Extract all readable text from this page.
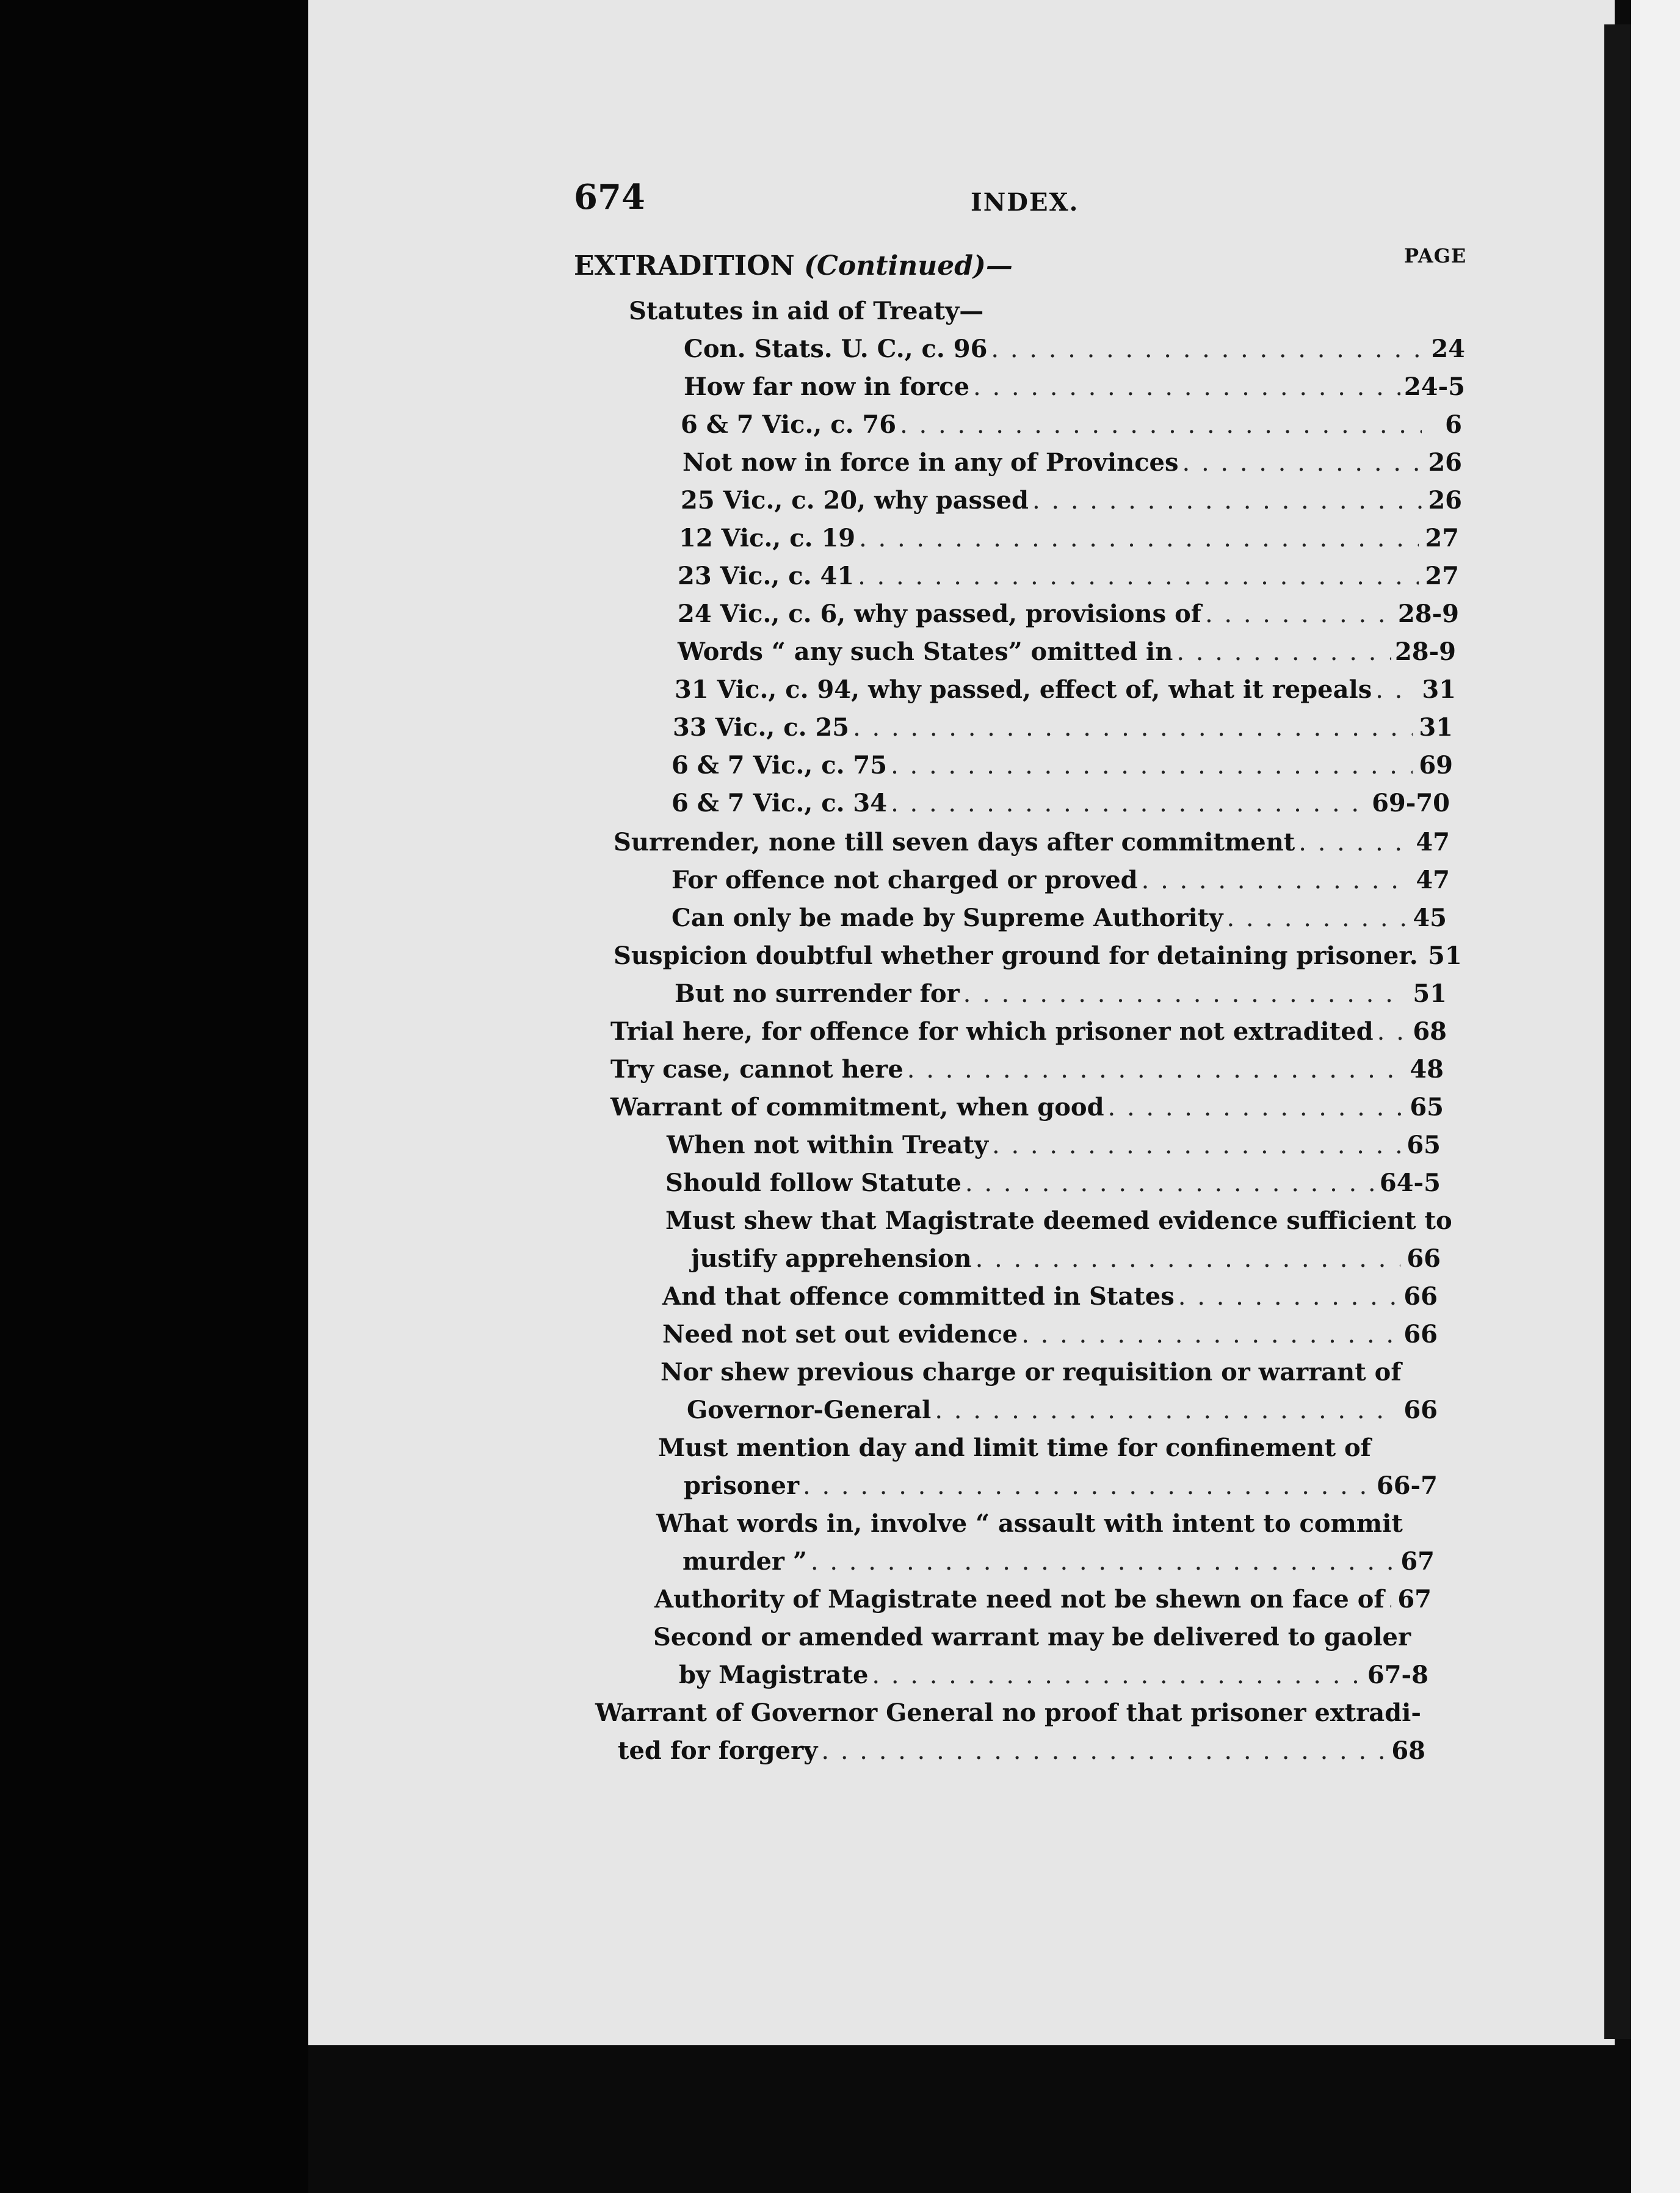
674	INDEX.
PAGE
EXTRADITION (Continued)—
Statutes in aid of Treaty—
Con. Stats. U. C., c. 96 . . .	24
How far now in force . . .	24-5
6 & 7 Vic., c. 76 . . .	6
Not now in force in any of Provinces . . .	26
25 Vic., c. 20, why passed . . .	26
12 Vic., c. 19 . . .	27
23 Vic., c. 41 . . .	27
24 Vic., c. 6, why passed, provisions of . . .	28-9
Words “ any such States” omitted in . . .	28-9
31 Vic., c. 94, why passed, effect of, what it repeals . . . 31
33 Vic., c. 25 . . .	31
6 & 7 Vic., c. 75 . . .	69
6 & 7 Vic., c. 34 . . .	69-70
Surrender, none till seven days after commitment . . .	47
For offence not charged or proved . . .	47
Can only be made by Supreme Authority . . .	45
Suspicion doubtful whether ground for detaining prisoner. 51
But no surrender for . . .	51
Trial here, for offence for which prisoner not extradited . . . 68
Try case, cannot here . . .	48
Warrant of commitment, when good . . .	65
When not within Treaty . . .	65
Should follow Statute . . .	64-5
Must shew that Magistrate deemed evidence sufficient to
justify apprehension . . .	66
And that offence committed in States . . .	66
Need not set out evidence . . .	66
Nor shew previous charge or requisition or warrant of
Governor-General . . .	66
Must mention day and limit time for confinement of
prisoner . . .	66-7
What words in, involve “ assault with intent to commit
murder ” . . .	67
Authority of Magistrate need not be shewn on face of . . . 67
Second or amended warrant may be delivered to gaoler
by Magistrate . . .	67-8
Warrant of Governor General no proof that prisoner extradi-
ted for forgery . . .	68
